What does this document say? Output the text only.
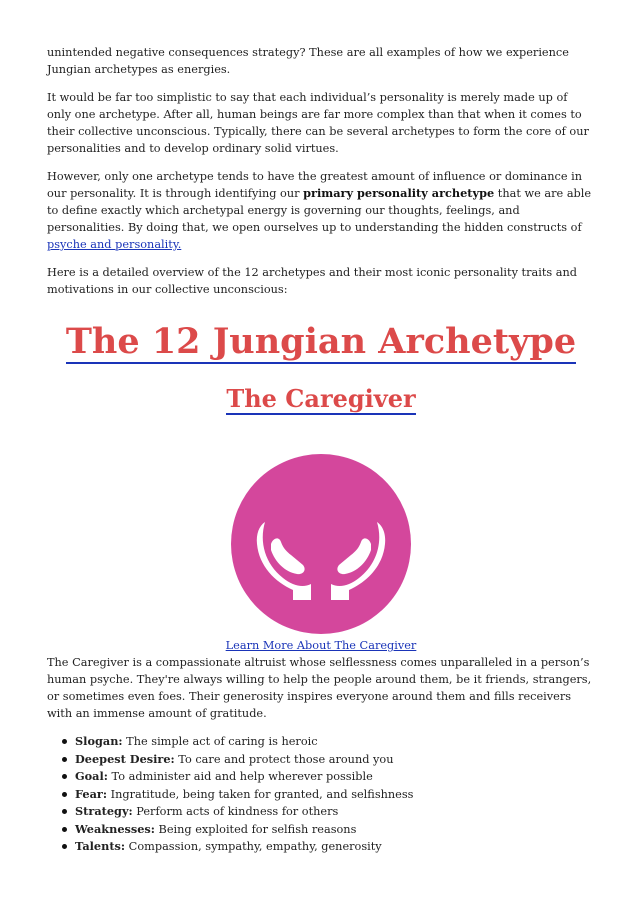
unintended negative consequences strategy? These are all examples of how we experience Jungian archetypes as energies.

It would be far too simplistic to say that each individual’s personality is merely made up of only one archetype. After all, human beings are far more complex than that when it comes to their collective unconscious. Typically, there can be several archetypes to form the core of our personalities and to develop ordinary solid virtues.

However, only one archetype tends to have the greatest amount of influence or dominance in our personality. It is through identifying our primary personality archetype that we are able to define exactly which archetypal energy is governing our thoughts, feelings, and personalities. By doing that, we open ourselves up to understanding the hidden constructs of psyche and personality.

Here is a detailed overview of the 12 archetypes and their most iconic personality traits and motivations in our collective unconscious:

The 12 Jungian Archetype
The Caregiver
Learn More About The Caregiver

The Caregiver is a compassionate altruist whose selflessness comes unparalleled in a person’s human psyche. They're always willing to help the people around them, be it friends, strangers, or sometimes even foes. Their generosity inspires everyone around them and fills receivers with an immense amount of gratitude.

Slogan: The simple act of caring is heroic
Deepest Desire: To care and protect those around you
Goal: To administer aid and help wherever possible
Fear: Ingratitude, being taken for granted, and selfishness
Strategy: Perform acts of kindness for others
Weaknesses: Being exploited for selfish reasons
Talents: Compassion, sympathy, empathy, generosity
